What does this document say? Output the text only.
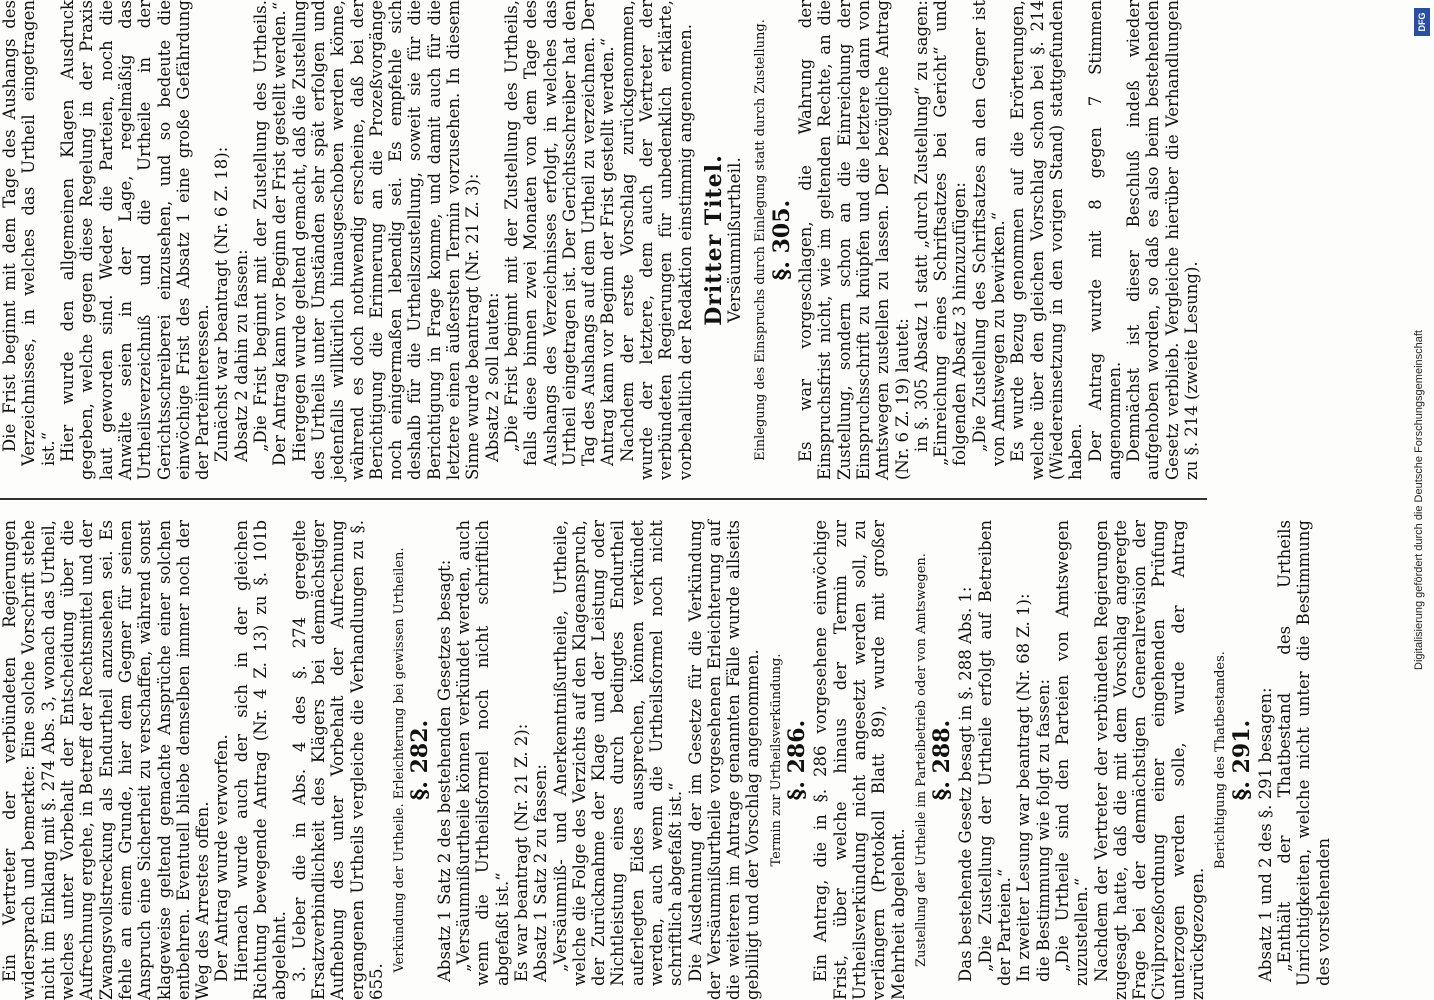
Ein Vertreter der verbündeten Regierungen widersprach und bemerkte: Eine solche Vorschrift stehe nicht im Einklang mit §. 274 Abs. 3, wonach das Urtheil, welches unter Vorbehalt der Entscheidung über die Aufrechnung ergehe, in Betreff der Rechtsmittel und der Zwangsvollstreckung als Endurtheil anzusehen sei. Es fehle an einem Grunde, hier dem Gegner für seinen Anspruch eine Sicherheit zu verschaffen, während sonst klageweise geltend gemachte Ansprüche einer solchen entbehren. Eventuell bliebe demselben immer noch der Weg des Arrestes offen. Der Antrag wurde verworfen. Hiernach wurde auch der sich in der gleichen Richtung bewegende Antrag (Nr. 4 Z. 13) zu §. 101b abgelehnt. 3. Ueber die in Abs. 4 des §. 274 geregelte Ersatzverbindlichkeit des Klägers bei demnächstiger Aufhebung des unter Vorbehalt der Aufrechnung ergangenen Urtheils vergleiche die Verhandlungen zu §. 655.

Verkündung der Urtheile. Erleichterung bei gewissen Urtheilen. §. 282. Absatz 1 Satz 2 des bestehenden Gesetzes besagt: „Versäumnißurtheile können verkündet werden, auch wenn die Urtheilsformel noch nicht schriftlich abgefaßt ist.“ Es war beantragt (Nr. 21 Z. 2): Absatz 1 Satz 2 zu fassen: „Versäumniß- und Anerkenntnißurtheile, Urtheile, welche die Folge des Verzichts auf den Klageanspruch, der Zurücknahme der Klage und der Leistung oder Nichtleistung eines durch bedingtes Endurtheil auferlegten Eides aussprechen, können verkündet werden, auch wenn die Urtheilsformel noch nicht schriftlich abgefaßt ist.“ Die Ausdehnung der im Gesetze für die Verkündung der Versäumnißurtheile vorgesehenen Erleichterung auf die weiteren im Antrage genannten Fälle wurde allseits gebilligt und der Vorschlag angenommen. Termin zur Urtheilsverkündung. §. 286. Ein Antrag, die in §. 286 vorgesehene einwöchige Frist, über welche hinaus der Termin zur Urtheilsverkündung nicht angesetzt werden soll, zu verlängern (Protokoll Blatt 89), wurde mit großer Mehrheit abgelehnt. Zustellung der Urtheile im Parteibetrieb oder von Amtswegen. §. 288. Das bestehende Gesetz besagt in §. 288 Abs. 1: „Die Zustellung der Urtheile erfolgt auf Betreiben der Parteien.“ In zweiter Lesung war beantragt (Nr. 68 Z. 1): die Bestimmung wie folgt zu fassen: „Die Urtheile sind den Parteien von Amtswegen zuzustellen.“ Nachdem der Vertreter der verbündeten Regierungen zugesagt hatte, daß die mit dem Vorschlag angeregte Frage bei der demnächstigen Generalrevision der Civilprozeßordnung einer eingehenden Prüfung unterzogen werden solle, wurde der Antrag zurückgezogen.

Berichtigung des Thatbestandes. §. 291. Absatz 1 und 2 des §. 291 besagen: „Enthält der Thatbestand des Urtheils Unrichtigkeiten, welche nicht unter die Bestimmung des vorstehenden

Die Frist beginnt mit dem Tage des Aushangs des Verzeichnisses, in welches das Urtheil eingetragen ist.“ Hier wurde den allgemeinen Klagen Ausdruck gegeben, welche gegen diese Regelung in der Praxis laut geworden sind. Weder die Parteien, noch die Anwälte seien in der Lage, regelmäßig das Urtheilsverzeichniß und die Urtheile in der Gerichtsschreiberei einzusehen, und so bedeute die einwöchige Frist des Absatz 1 eine große Gefährdung der Parteiinteressen. Zunächst war beantragt (Nr. 6 Z. 18): Absatz 2 dahin zu fassen: „Die Frist beginnt mit der Zustellung des Urtheils. Der Antrag kann vor Beginn der Frist gestellt werden.“ Hiergegen wurde geltend gemacht, daß die Zustellung des Urtheils unter Umständen sehr spät erfolgen und jedenfalls willkürlich hinausgeschoben werden könne, während es doch nothwendig erscheine, daß bei der Berichtigung die Erinnerung an die Prozeßvorgänge noch einigermaßen lebendig sei. Es empfehle sich deshalb für die Urtheilszustellung, soweit sie für die Berichtigung in Frage komme, und damit auch für die letztere einen äußersten Termin vorzusehen. In diesem Sinne wurde beantragt (Nr. 21 Z. 3): Absatz 2 soll lauten: „Die Frist beginnt mit der Zustellung des Urtheils, falls diese binnen zwei Monaten von dem Tage des Aushangs des Verzeichnisses erfolgt, in welches das Urtheil eingetragen ist. Der Gerichtsschreiber hat den Tag des Aushangs auf dem Urtheil zu verzeichnen. Der Antrag kann vor Beginn der Frist gestellt werden.“ Nachdem der erste Vorschlag zurückgenommen, wurde der letztere, dem auch der Vertreter der verbündeten Regierungen für unbedenklich erklärte, vorbehaltlich der Redaktion einstimmig angenommen. Dritter Titel.

Versäumnißurtheil. Einlegung des Einspruchs durch Einlegung statt durch Zustellung. §. 305. Es war vorgeschlagen, die Wahrung der Einspruchsfrist nicht, wie im geltenden Rechte, an die Zustellung, sondern schon an die Einreichung der Einspruchsschrift zu knüpfen und die letztere dann von Amtswegen zustellen zu lassen. Der bezügliche Antrag (Nr. 6 Z. 19) lautet: in §. 305 Absatz 1 statt „durch Zustellung“ zu sagen: „Einreichung eines Schriftsatzes bei Gericht“ und folgenden Absatz 3 hinzuzufügen: „Die Zustellung des Schriftsatzes an den Gegner ist von Amtswegen zu bewirken.“ Es wurde Bezug genommen auf die Erörterungen, welche über den gleichen Vorschlag schon bei §. 214 (Wiedereinsetzung in den vorigen Stand) stattgefunden haben. Der Antrag wurde mit 8 gegen 7 Stimmen angenommen. Demnächst ist dieser Beschluß indeß wieder aufgehoben worden, so daß es also beim bestehenden Gesetz verblieb. Vergleiche hierüber die Verhandlungen zu §. 214 (zweite Lesung).	Digitalisierung gefördert durch die Deutsche Forschungsgemeinschaft
DFG
